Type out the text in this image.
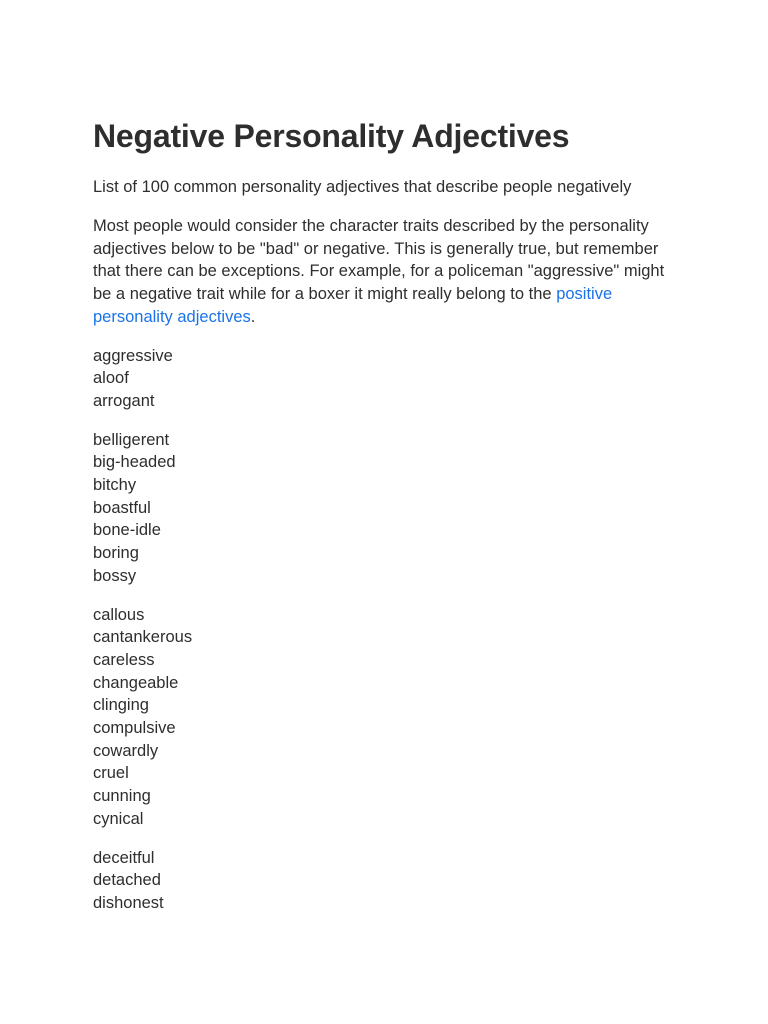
Negative Personality Adjectives

List of 100 common personality adjectives that describe people negatively

Most people would consider the character traits described by the personality adjectives below to be "bad" or negative. This is generally true, but remember that there can be exceptions. For example, for a policeman "aggressive" might be a negative trait while for a boxer it might really belong to the positive personality adjectives.

aggressive
aloof
arrogant
belligerent
big-headed
bitchy
boastful
bone-idle
boring
bossy
callous
cantankerous
careless
changeable
clinging
compulsive
cowardly
cruel
cunning
cynical
deceitful
detached
dishonest
